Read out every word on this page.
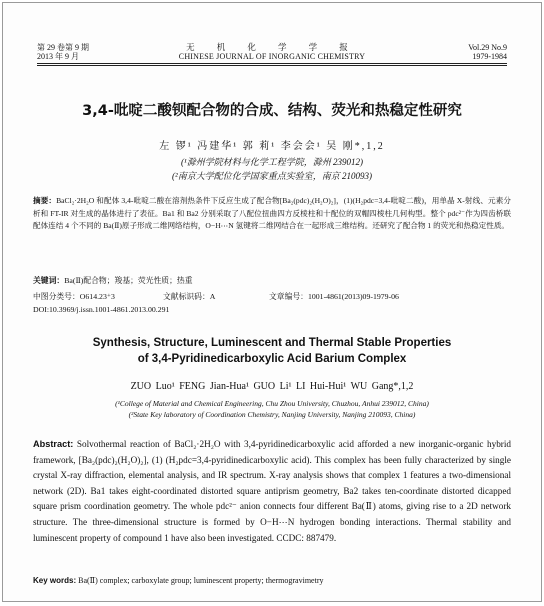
第 29 卷第 9 期
2013 年 9 月
无 机 化 学 学 报
CHINESE JOURNAL OF INORGANIC CHEMISTRY
Vol.29 No.9
1979-1984
3,4-吡啶二酸钡配合物的合成、结构、荧光和热稳定性研究
左 锣¹ 冯建华¹ 郭 莉¹ 李会会¹ 吴 刚*,1,2
(¹滁州学院材料与化学工程学院，滁州 239012)
(²南京大学配位化学国家重点实验室，南京 210093)
摘要：BaCl₂·2H₂O 和配体 3,4-吡啶二酸在溶剂热条件下反应生成了配合物[Ba₂(pdc)₂(H₂O)₂]，(1)(H₂pdc=3,4-吡啶二酸)，用单晶 X-射线、元素分析和 FT-IR 对生成的晶体进行了表征。Ba1 和 Ba2 分别采取了八配位扭曲四方反棱柱和十配位的双帽四棱柱几何构型。整个 pdc²⁻作为四齿桥联配体连结 4 个不同的 Ba(Ⅱ)原子形成二维网络结构，O−H⋯N 氢键将二维网结合在一起形成三维结构。还研究了配合物 1 的荧光和热稳定性质。
关键词：Ba(Ⅱ)配合物；羧基；荧光性质；热重
中图分类号：O614.23⁺3	文献标识码：A	文章编号：1001-4861(2013)09-1979-06
DOI:10.3969/j.issn.1001-4861.2013.00.291
Synthesis, Structure, Luminescent and Thermal Stable Properties
of 3,4-Pyridinedicarboxylic Acid Barium Complex
ZUO Luo¹ FENG Jian-Hua¹ GUO Li¹ LI Hui-Hui¹ WU Gang*,1,2
(¹College of Material and Chemical Engineering, Chu Zhou University, Chuzhou, Anhui 239012, China)
(²State Key laboratory of Coordination Chemistry, Nanjing University, Nanjing 210093, China)
Abstract: Solvothermal reaction of BaCl₂·2H₂O with 3,4-pyridinedicarboxylic acid afforded a new inorganic-organic hybrid framework, [Ba₂(pdc)₂(H₂O)₂], (1) (H₂pdc=3,4-pyridinedicarboxylic acid). This complex has been fully characterized by single crystal X-ray diffraction, elemental analysis, and IR spectrum. X-ray analysis shows that complex 1 features a two-dimensional network (2D). Ba1 takes eight-coordinated distorted square antiprism geometry, Ba2 takes ten-coordinate distorted dicapped square prism coordination geometry. The whole pdc²⁻ anion connects four different Ba(Ⅱ) atoms, giving rise to a 2D network structure. The three-dimensional structure is formed by O−H⋯N hydrogen bonding interactions. Thermal stability and luminescent property of compound 1 have also been investigated. CCDC: 887479.
Key words: Ba(Ⅱ) complex; carboxylate group; luminescent property; thermogravimetry
